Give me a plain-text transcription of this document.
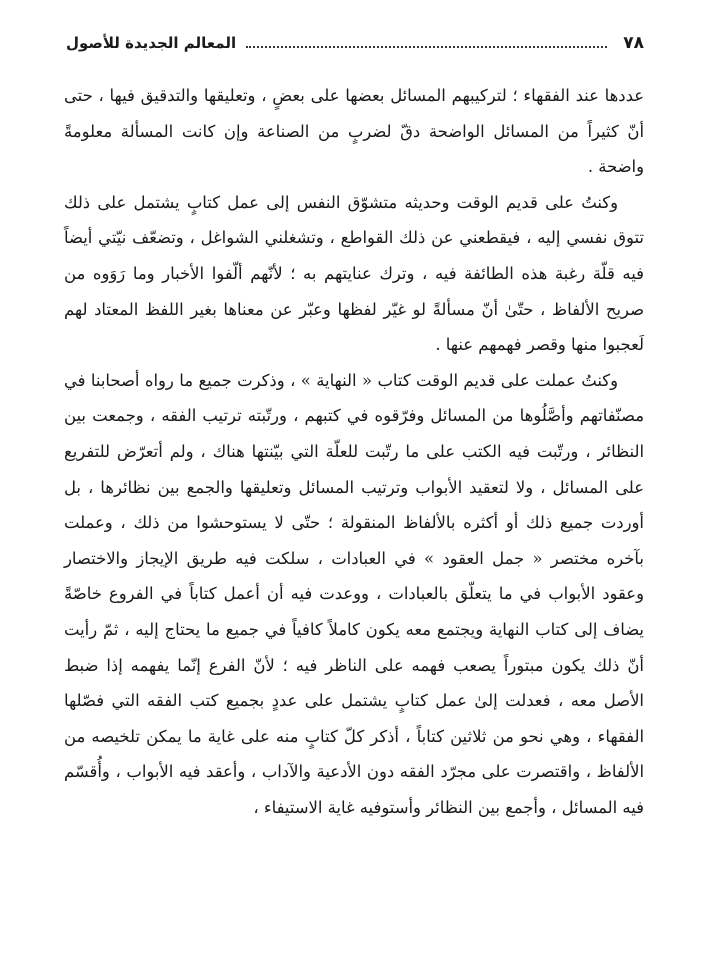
٧٨
المعالم الجديدة للأصول

عددها عند الفقهاء ؛ لتركيبهم المسائل بعضها على بعضٍ ، وتعليقها والتدقيق فيها ، حتى أنّ كثيراً من المسائل الواضحة دقّ لضربٍ من الصناعة وإن كانت المسألة معلومةً واضحة .

وكنتُ على قديم الوقت وحديثه متشوّق النفس إلى عمل كتابٍ يشتمل على ذلك تتوق نفسي إليه ، فيقطعني عن ذلك القواطع ، وتشغلني الشواغل ، وتضعّف نيّتي أيضاً فيه قلّة رغبة هذه الطائفة فيه ، وترك عنايتهم به ؛ لأنّهم ألّفوا الأخبار وما رَوَوه من صريح الألفاظ ، حتّىٰ أنّ مسألةً لو غيّر لفظها وعبّر عن معناها بغير اللفظ المعتاد لهم لَعجبوا منها وقصر فهمهم عنها .

وكنتُ عملت على قديم الوقت كتاب « النهاية » ، وذكرت جميع ما رواه أصحابنا في مصنّفاتهم وأصَّلُوها من المسائل وفرّقوه في كتبهم ، ورتّبته ترتيب الفقه ، وجمعت بين النظائر ، ورتّبت فيه الكتب على ما رتّبت للعلّة التي بيّنتها هناك ، ولم أتعرّض للتفريع على المسائل ، ولا لتعقيد الأبواب وترتيب المسائل وتعليقها والجمع بين نظائرها ، بل أوردت جميع ذلك أو أكثره بالألفاظ المنقولة ؛ حتّى لا يستوحشوا من ذلك ، وعملت بآخره مختصر « جمل العقود » في العبادات ، سلكت فيه طريق الإيجاز والاختصار وعقود الأبواب في ما يتعلّق بالعبادات ، ووعدت فيه أن أعمل كتاباً في الفروع خاصّةً يضاف إلى كتاب النهاية ويجتمع معه يكون كاملاً كافياً في جميع ما يحتاج إليه ، ثمّ رأيت أنّ ذلك يكون مبتوراً يصعب فهمه على الناظر فيه ؛ لأنّ الفرع إنّما يفهمه إذا ضبط الأصل معه ، فعدلت إلىٰ عمل كتابٍ يشتمل على عددٍ بجميع كتب الفقه التي فصّلها الفقهاء ، وهي نحو من ثلاثين كتاباً ، أذكر كلّ كتابٍ منه على غاية ما يمكن تلخيصه من الألفاظ ، واقتصرت على مجرّد الفقه دون الأدعية والآداب ، وأعقد فيه الأبواب ، وأُقسّم فيه المسائل ، وأجمع بين النظائر وأستوفيه غاية الاستيفاء ،
